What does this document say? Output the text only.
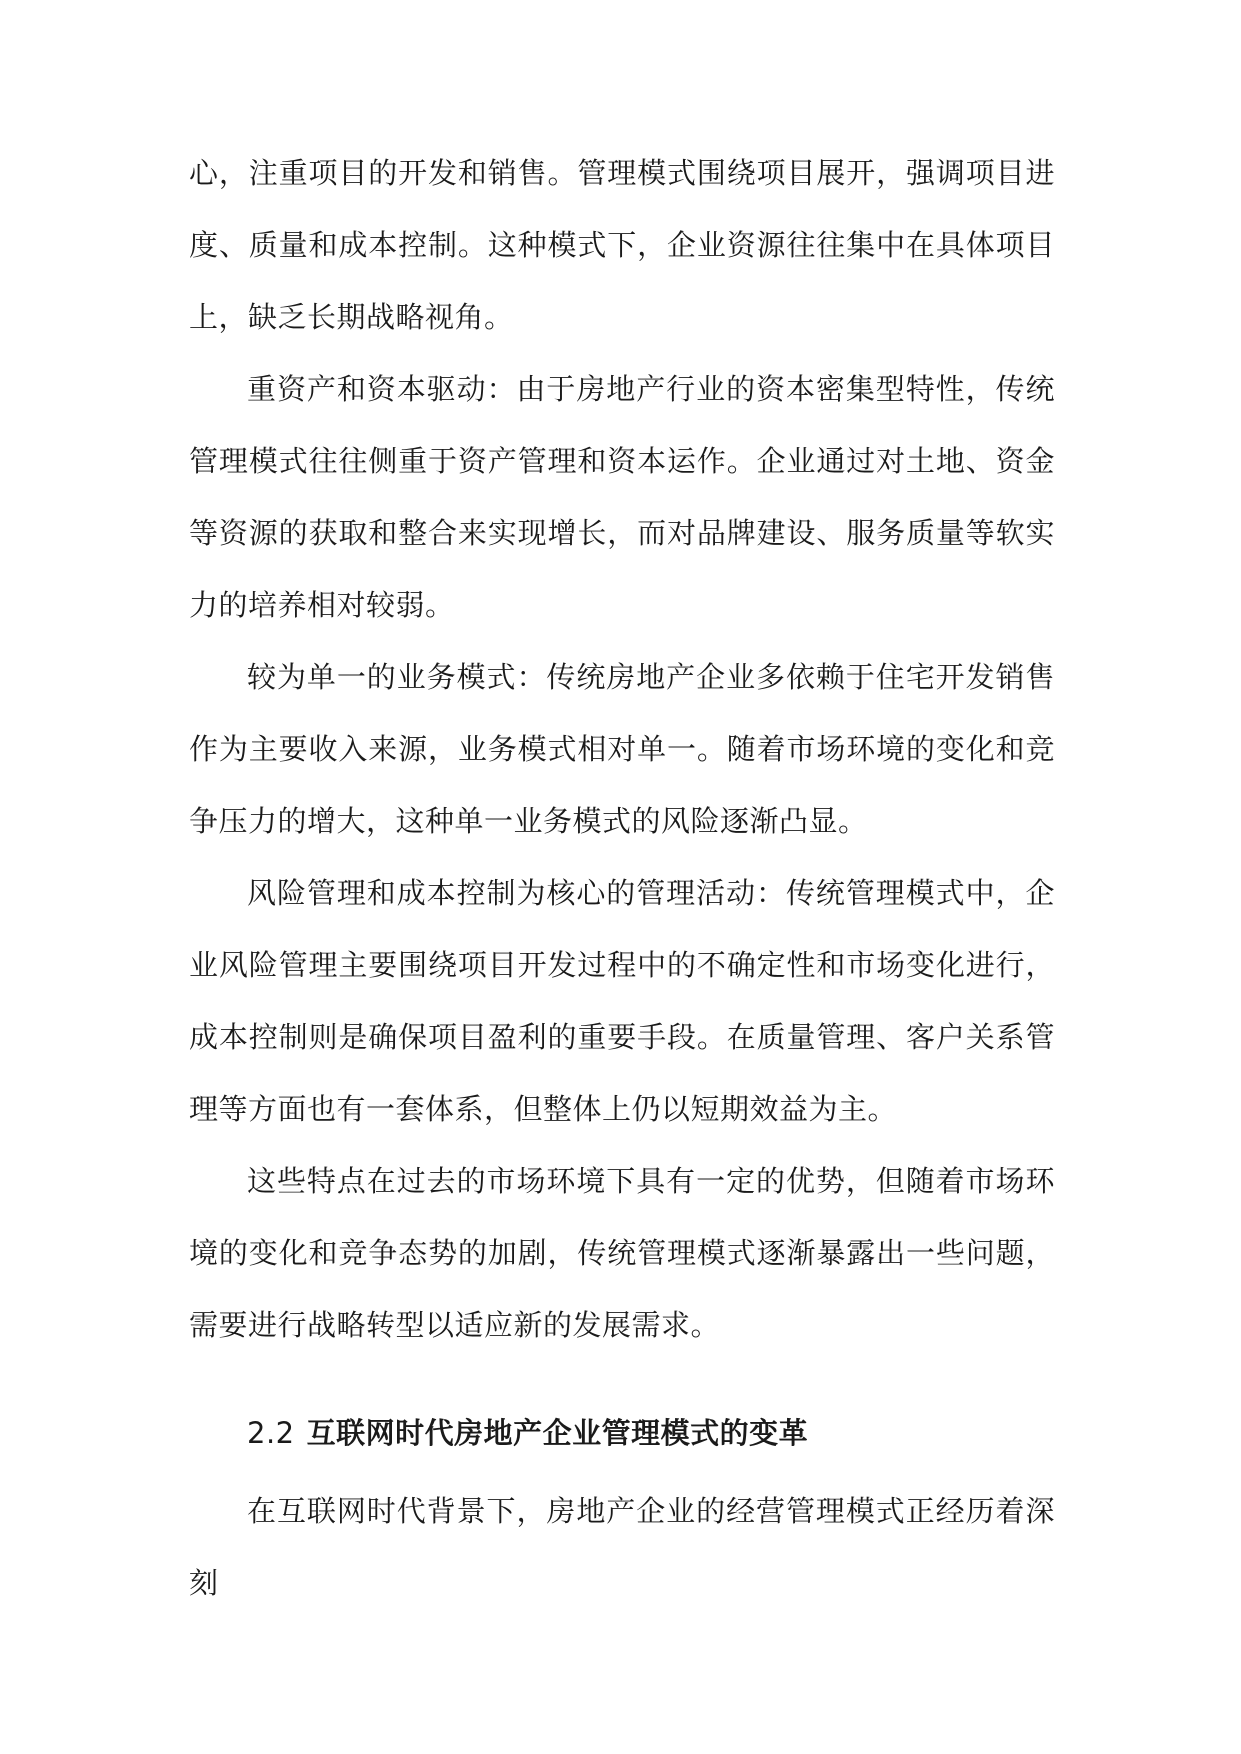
心，注重项目的开发和销售。管理模式围绕项目展开，强调项目进度、质量和成本控制。这种模式下，企业资源往往集中在具体项目上，缺乏长期战略视角。

重资产和资本驱动：由于房地产行业的资本密集型特性，传统管理模式往往侧重于资产管理和资本运作。企业通过对土地、资金等资源的获取和整合来实现增长，而对品牌建设、服务质量等软实力的培养相对较弱。

较为单一的业务模式：传统房地产企业多依赖于住宅开发销售作为主要收入来源，业务模式相对单一。随着市场环境的变化和竞争压力的增大，这种单一业务模式的风险逐渐凸显。

风险管理和成本控制为核心的管理活动：传统管理模式中，企业风险管理主要围绕项目开发过程中的不确定性和市场变化进行，成本控制则是确保项目盈利的重要手段。在质量管理、客户关系管理等方面也有一套体系，但整体上仍以短期效益为主。

这些特点在过去的市场环境下具有一定的优势，但随着市场环境的变化和竞争态势的加剧，传统管理模式逐渐暴露出一些问题，需要进行战略转型以适应新的发展需求。

2.2 互联网时代房地产企业管理模式的变革

在互联网时代背景下，房地产企业的经营管理模式正经历着深刻
